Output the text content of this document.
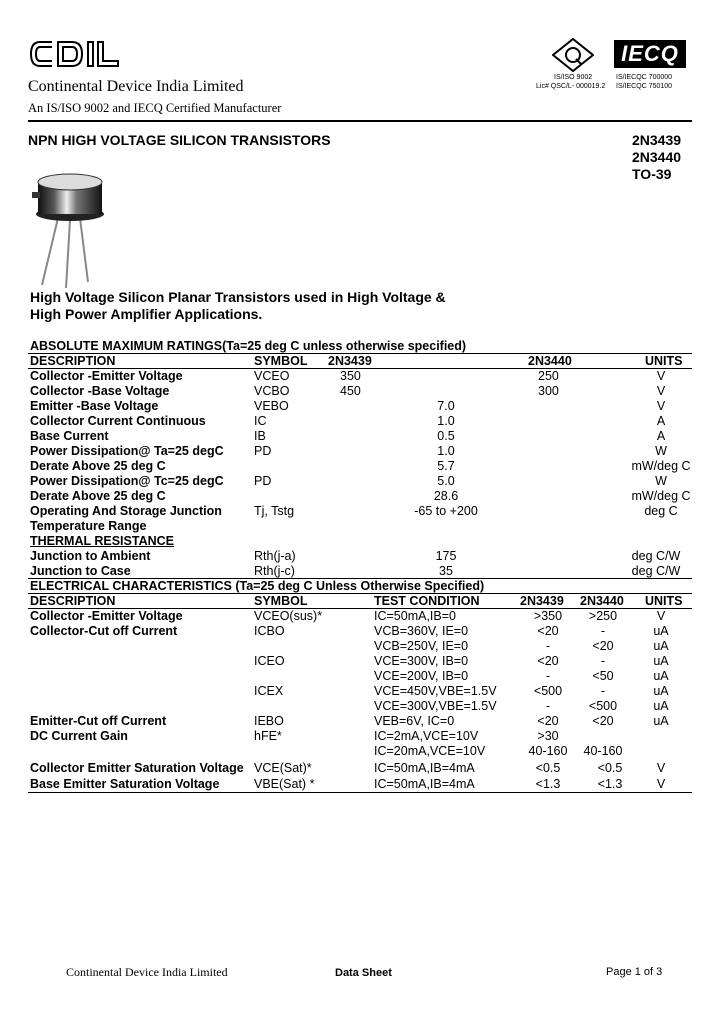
Continental Device India Limited
An IS/ISO 9002 and IECQ Certified Manufacturer
IS/ISO 9002
Lic# QSC/L- 000019.2
IECQ
IS/IECQC 700000
IS/IECQC 750100
NPN HIGH VOLTAGE SILICON TRANSISTORS	2N3439
2N3440
TO-39
High Voltage Silicon Planar Transistors used in High Voltage &
High Power Amplifier Applications.
ABSOLUTE MAXIMUM RATINGS(Ta=25 deg C unless otherwise specified)
DESCRIPTION	SYMBOL 2N3439	2N3440	UNITS
Collector -Emitter Voltage	VCEO	350	250	V
Collector -Base Voltage	VCBO	450	300	V
Emitter -Base Voltage	VEBO	7.0	V
Collector Current Continuous	IC	1.0	A
Base Current	IB	0.5	A
Power Dissipation@ Ta=25 degC PD	1.0	W
Derate Above 25 deg C	5.7	mW/deg C
Power Dissipation@ Tc=25 degC PD	5.0	W
Derate Above 25 deg C	28.6	mW/deg C
Operating And Storage Junction	Tj, Tstg	-65 to +200	deg C
Temperature Range
THERMAL RESISTANCE
Junction to Ambient	Rth(j-a)	175	deg C/W
Junction to Case	Rth(j-c)	35	deg C/W
ELECTRICAL CHARACTERISTICS (Ta=25 deg C Unless Otherwise Specified)
DESCRIPTION	SYMBOL	TEST CONDITION	2N3439 2N3440 UNITS
Collector -Emitter Voltage	VCEO(sus)*	IC=50mA,IB=0	>350 >250	V
Collector-Cut off Current	ICBO	VCB=360V, IE=0	<20	-	uA
VCB=250V, IE=0	-	<20	uA
ICEO	VCE=300V, IB=0	<20	-	uA
VCE=200V, IB=0	-	<50	uA
ICEX	VCE=450V,VBE=1.5V	<500	-	uA
VCE=300V,VBE=1.5V	-	<500	uA
Emitter-Cut off Current	IEBO	VEB=6V, IC=0	<20	<20	uA
DC Current Gain	hFE*	IC=2mA,VCE=10V	>30
IC=20mA,VCE=10V	40-160 40-160
Collector Emitter Saturation Voltage VCE(Sat)*	IC=50mA,IB=4mA	<0.5	<0.5	V
Base Emitter Saturation Voltage	VBE(Sat) *	IC=50mA,IB=4mA	<1.3	<1.3	V
Continental Device India Limited	Data Sheet	Page 1 of 3
